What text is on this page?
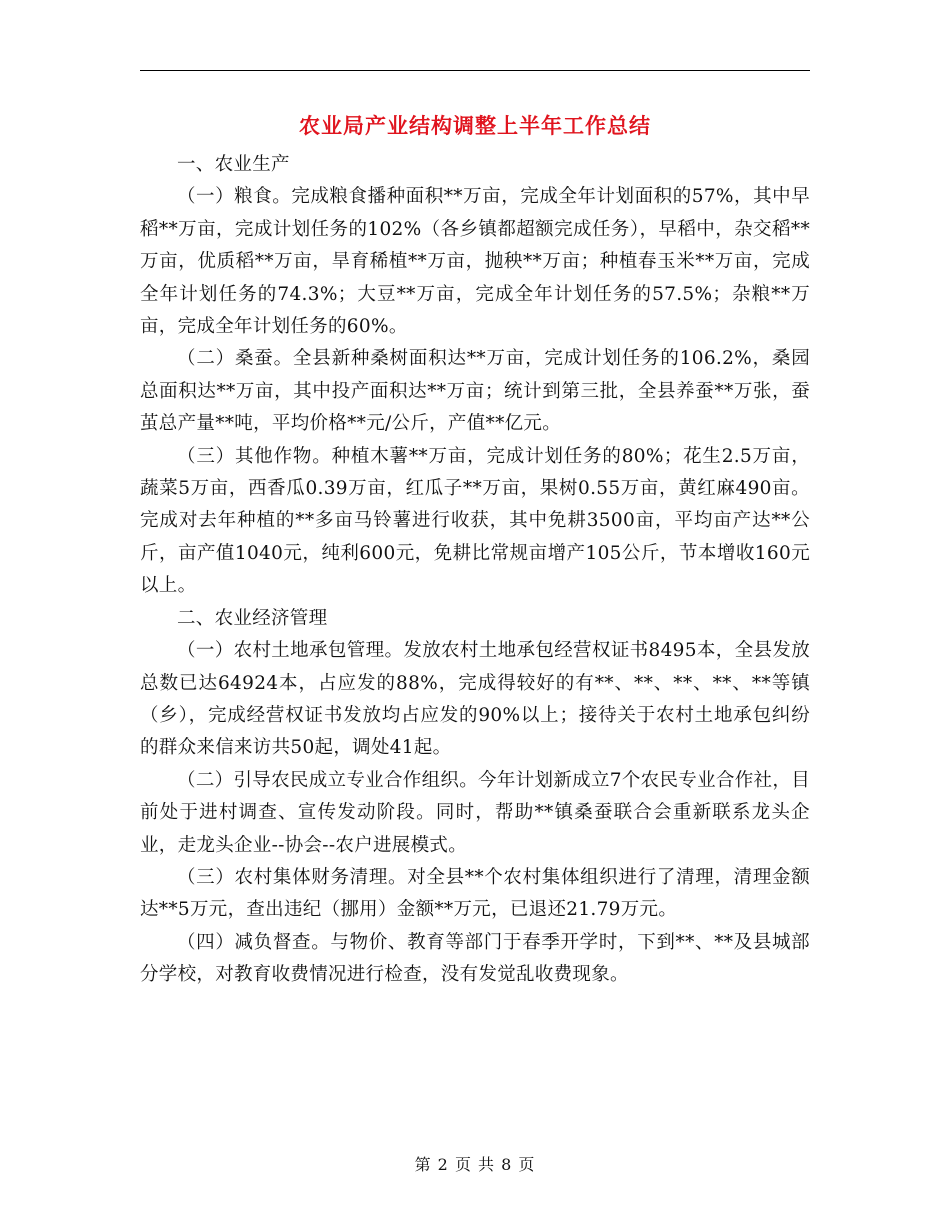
农业局产业结构调整上半年工作总结

一、农业生产

（一）粮食。完成粮食播种面积**万亩，完成全年计划面积的57%，其中早稻**万亩，完成计划任务的102%（各乡镇都超额完成任务），早稻中，杂交稻**万亩，优质稻**万亩，旱育稀植**万亩，抛秧**万亩；种植春玉米**万亩，完成全年计划任务的74.3%；大豆**万亩，完成全年计划任务的57.5%；杂粮**万亩，完成全年计划任务的60%。

（二）桑蚕。全县新种桑树面积达**万亩，完成计划任务的106.2%，桑园总面积达**万亩，其中投产面积达**万亩；统计到第三批，全县养蚕**万张，蚕茧总产量**吨，平均价格**元/公斤，产值**亿元。

（三）其他作物。种植木薯**万亩，完成计划任务的80%；花生2.5万亩，蔬菜5万亩，西香瓜0.39万亩，红瓜子**万亩，果树0.55万亩，黄红麻490亩。完成对去年种植的**多亩马铃薯进行收获，其中免耕3500亩，平均亩产达**公斤，亩产值1040元，纯利600元，免耕比常规亩增产105公斤，节本增收160元以上。

二、农业经济管理

（一）农村土地承包管理。发放农村土地承包经营权证书8495本，全县发放总数已达64924本，占应发的88%，完成得较好的有**、**、**、**、**等镇（乡），完成经营权证书发放均占应发的90%以上；接待关于农村土地承包纠纷的群众来信来访共50起，调处41起。

（二）引导农民成立专业合作组织。今年计划新成立7个农民专业合作社，目前处于进村调查、宣传发动阶段。同时，帮助**镇桑蚕联合会重新联系龙头企业，走龙头企业--协会--农户进展模式。

（三）农村集体财务清理。对全县**个农村集体组织进行了清理，清理金额达**5万元，查出违纪（挪用）金额**万元，已退还21.79万元。

（四）减负督查。与物价、教育等部门于春季开学时，下到**、**及县城部分学校，对教育收费情况进行检查，没有发觉乱收费现象。

第 2 页 共 8 页
